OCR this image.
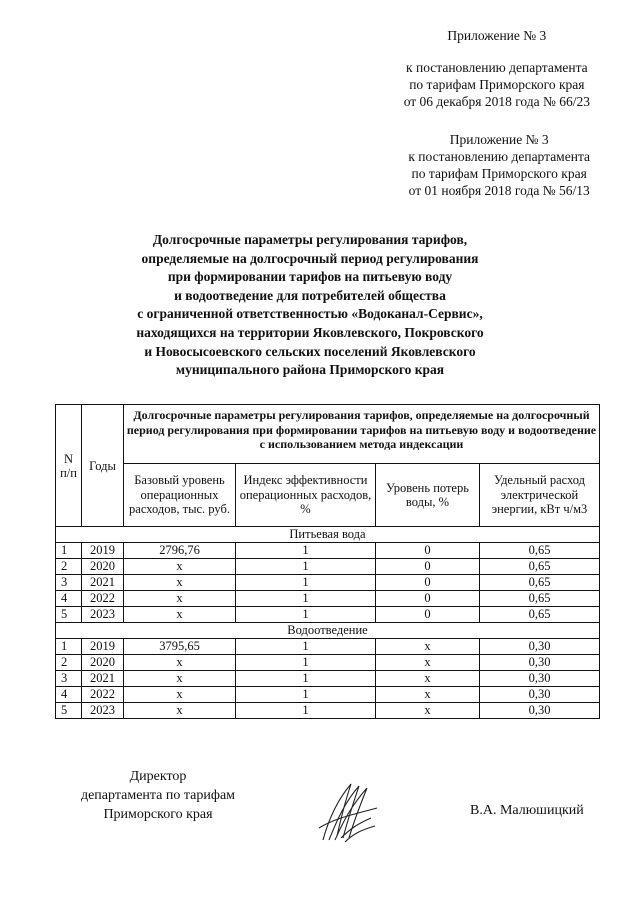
Приложение № 3
к постановлению департамента
по тарифам Приморского края
от 06 декабря 2018 года № 66/23
Приложение № 3
к постановлению департамента
по тарифам Приморского края
от 01 ноября 2018 года № 56/13
Долгосрочные параметры регулирования тарифов,
определяемые на долгосрочный период регулирования
при формировании тарифов на питьевую воду
и водоотведение для потребителей общества
с ограниченной ответственностью «Водоканал-Сервис»,
находящихся на территории Яковлевского, Покровского
и Новосысоевского сельских поселений Яковлевского
муниципального района Приморского края
N п/п	Годы	Долгосрочные параметры регулирования тарифов, определяемые на долгосрочный период регулирования при формировании тарифов на питьевую воду и водоотведение с использованием метода индексации			
		Базовый уровень операционных расходов, тыс. руб.	Индекс эффективности операционных расходов, %	Уровень потерь воды, %	Удельный расход электрической энергии, кВт ч/м3
Питьевая вода					
1	2019	2796,76	1	0	0,65
2	2020	x	1	0	0,65
3	2021	x	1	0	0,65
4	2022	x	1	0	0,65
5	2023	x	1	0	0,65
Водоотведение					
1	2019	3795,65	1	x	0,30
2	2020	x	1	x	0,30
3	2021	x	1	x	0,30
4	2022	x	1	x	0,30
5	2023	x	1	x	0,30
Директор
департамента по тарифам
Приморского края	В.А. Малюшицкий
